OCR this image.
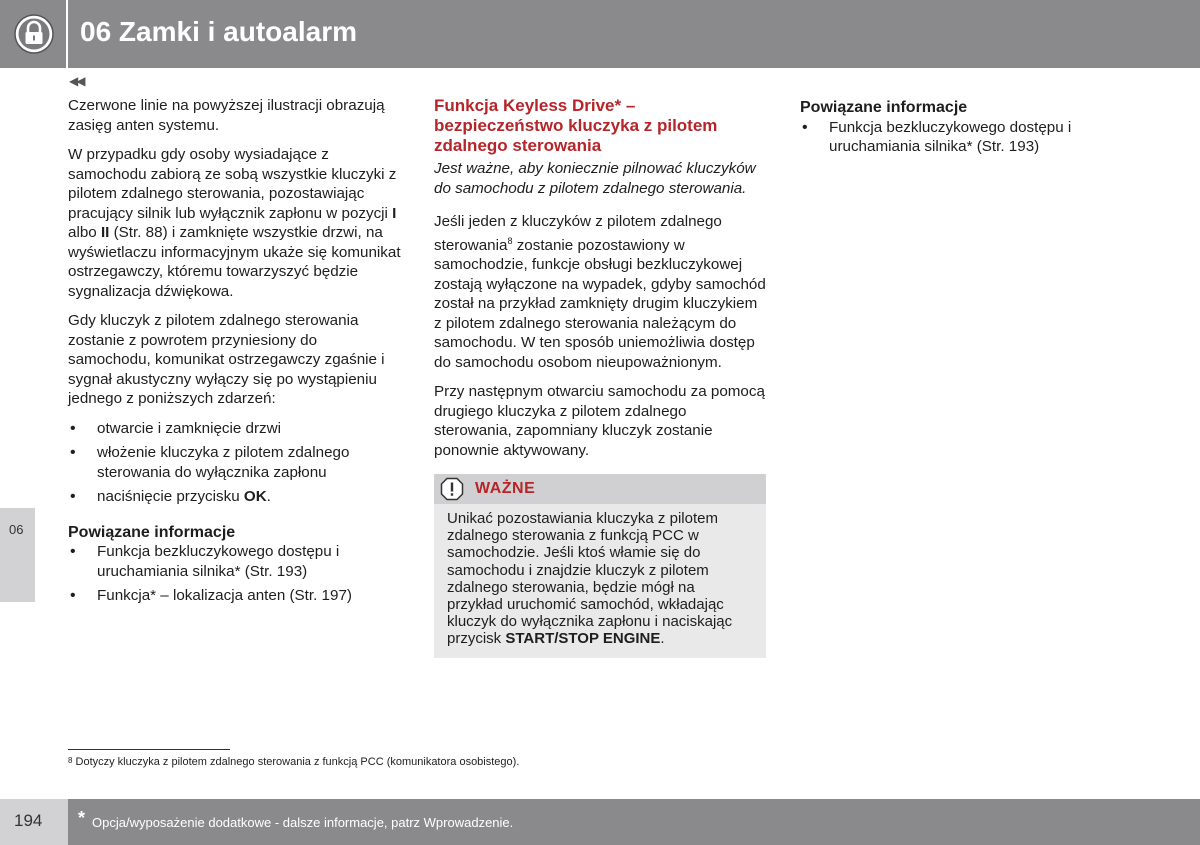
06 Zamki i autoalarm
◀◀

Czerwone linie na powyższej ilustracji obrazują zasięg anten systemu.

W przypadku gdy osoby wysiadające z samochodu zabiorą ze sobą wszystkie kluczyki z pilotem zdalnego sterowania, pozostawiając pracujący silnik lub wyłącznik zapłonu w pozycji I albo II (Str. 88) i zamknięte wszystkie drzwi, na wyświetlaczu informacyjnym ukaże się komunikat ostrzegawczy, któremu towarzyszyć będzie sygnalizacja dźwiękowa.

Gdy kluczyk z pilotem zdalnego sterowania zostanie z powrotem przyniesiony do samochodu, komunikat ostrzegawczy zgaśnie i sygnał akustyczny wyłączy się po wystąpieniu jednego z poniższych zdarzeń:

• otwarcie i zamknięcie drzwi
• włożenie kluczyka z pilotem zdalnego sterowania do wyłącznika zapłonu
• naciśnięcie przycisku OK.
Powiązane informacje
• Funkcja bezkluczykowego dostępu i uruchamiania silnika* (Str. 193)
• Funkcja* – lokalizacja anten (Str. 197)
Funkcja Keyless Drive* – bezpieczeństwo kluczyka z pilotem zdalnego sterowania

Jest ważne, aby koniecznie pilnować kluczyków do samochodu z pilotem zdalnego sterowania.

Jeśli jeden z kluczyków z pilotem zdalnego sterowania$^8$ zostanie pozostawiony w samochodzie, funkcje obsługi bezkluczykowej zostają wyłączone na wypadek, gdyby samochód został na przykład zamknięty drugim kluczykiem z pilotem zdalnego sterowania należącym do samochodu. W ten sposób uniemożliwia dostęp do samochodu osobom nieupoważnionym.

Przy następnym otwarciu samochodu za pomocą drugiego kluczyka z pilotem zdalnego sterowania, zapomniany kluczyk zostanie ponownie aktywowany.

WAŻNE
Unikać pozostawiania kluczyka z pilotem zdalnego sterowania z funkcją PCC w samochodzie. Jeśli ktoś włamie się do samochodu i znajdzie kluczyk z pilotem zdalnego sterowania, będzie mógł na przykład uruchomić samochód, wkładając kluczyk do wyłącznika zapłonu i naciskając przycisk START/STOP ENGINE.
Powiązane informacje
• Funkcja bezkluczykowego dostępu i uruchamiania silnika* (Str. 193)
06
$^8$ Dotyczy kluczyka z pilotem zdalnego sterowania z funkcją PCC (komunikatora osobistego).
194 * Opcja/wyposażenie dodatkowe - dalsze informacje, patrz Wprowadzenie.
